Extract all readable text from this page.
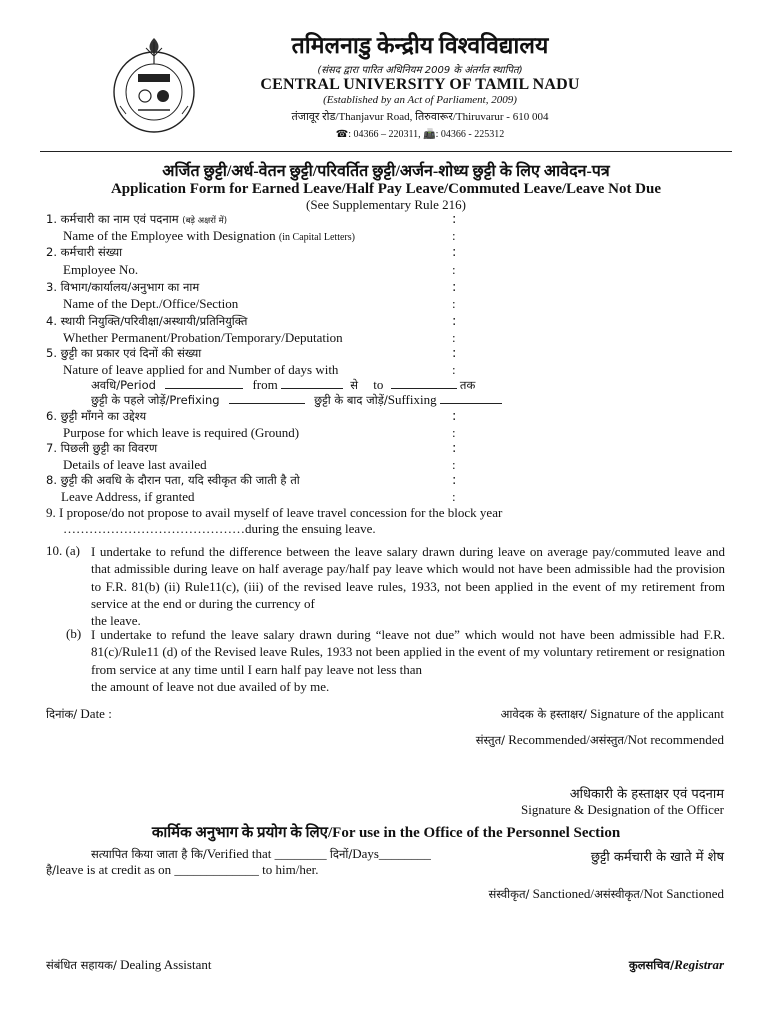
तमिलनाडु केन्द्रीय विश्वविद्यालय
(संसद द्वारा पारित अधिनियम 2009 के अंतर्गत स्थापित)
CENTRAL UNIVERSITY OF TAMIL NADU
(Established by an Act of Parliament, 2009)
तंजावूर रोड/Thanjavur Road, तिरुवारूर/Thiruvarur - 610 004
☎: 04366 – 220311, 📠: 04366 - 225312
अर्जित छुट्टी/अर्ध-वेतन छुट्टी/परिवर्तित छुट्टी/अर्जन-शोध्य छुट्टी के लिए आवेदन-पत्र
Application Form for Earned Leave/Half Pay Leave/Commuted Leave/Leave Not Due
(See Supplementary Rule 216)
1. कर्मचारी का नाम एवं पदनाम (बड़े अक्षरों में)	:
Name of the Employee with Designation (in Capital Letters)	:
2. कर्मचारी संख्या	:
Employee No.	:
3. विभाग/कार्यालय/अनुभाग का नाम	:
Name of the Dept./Office/Section	:
4. स्थायी नियुक्ति/परिवीक्षा/अस्थायी/प्रतिनियुक्ति	:
Whether Permanent/Probation/Temporary/Deputation	:
5. छुट्टी का प्रकार एवं दिनों की संख्या	:
Nature of leave applied for and Number of days with	:
अवधि/Period	from	से to	तक
छुट्टी के पहले जोड़ें/Prefixing	छुट्टी के बाद जोड़ें/Suffixing
6. छुट्टी माँगने का उद्देश्य	:
Purpose for which leave is required (Ground)	:
7. पिछली छुट्टी का विवरण	:
Details of leave last availed	:
8. छुट्टी की अवधि के दौरान पता, यदि स्वीकृत की जाती है तो	:
Leave Address, if granted	:
9. I propose/do not propose to avail myself of leave travel concession for the block year
……………………………………during the ensuing leave.
10. (a) I undertake to refund the difference between the leave salary drawn during leave on average pay/commuted leave and that admissible during leave on half average pay/half pay leave which would not have been admissible had the provision to F.R. 81(b) (ii) Rule11(c), (iii) of the revised leave rules, 1933, not been applied in the event of my retirement from service at the end or during the currency of
the leave.
(b) I undertake to refund the leave salary drawn during “leave not due” which would not have been admissible had F.R. 81(c)/Rule11 (d) of the Revised leave Rules, 1933 not been applied in the event of my voluntary retirement or resignation from service at any time until I earn half pay leave not less than
the amount of leave not due availed of by me.
दिनांक/ Date :	आवेदक के हस्ताक्षर/ Signature of the applicant
संस्तुत/ Recommended/असंस्तुत/Not recommended
अधिकारी के हस्ताक्षर एवं पदनाम
Signature & Designation of the Officer
कार्मिक अनुभाग के प्रयोग के लिए/For use in the Office of the Personnel Section
सत्यापित किया जाता है कि/Verified that ________ दिनों/Days________	छुट्टी कर्मचारी के खाते में शेष
है/leave is at credit as on _____________ to him/her.
संस्वीकृत/ Sanctioned/असंस्वीकृत/Not Sanctioned
संबंधित सहायक/ Dealing Assistant	कुलसचिव/Registrar
